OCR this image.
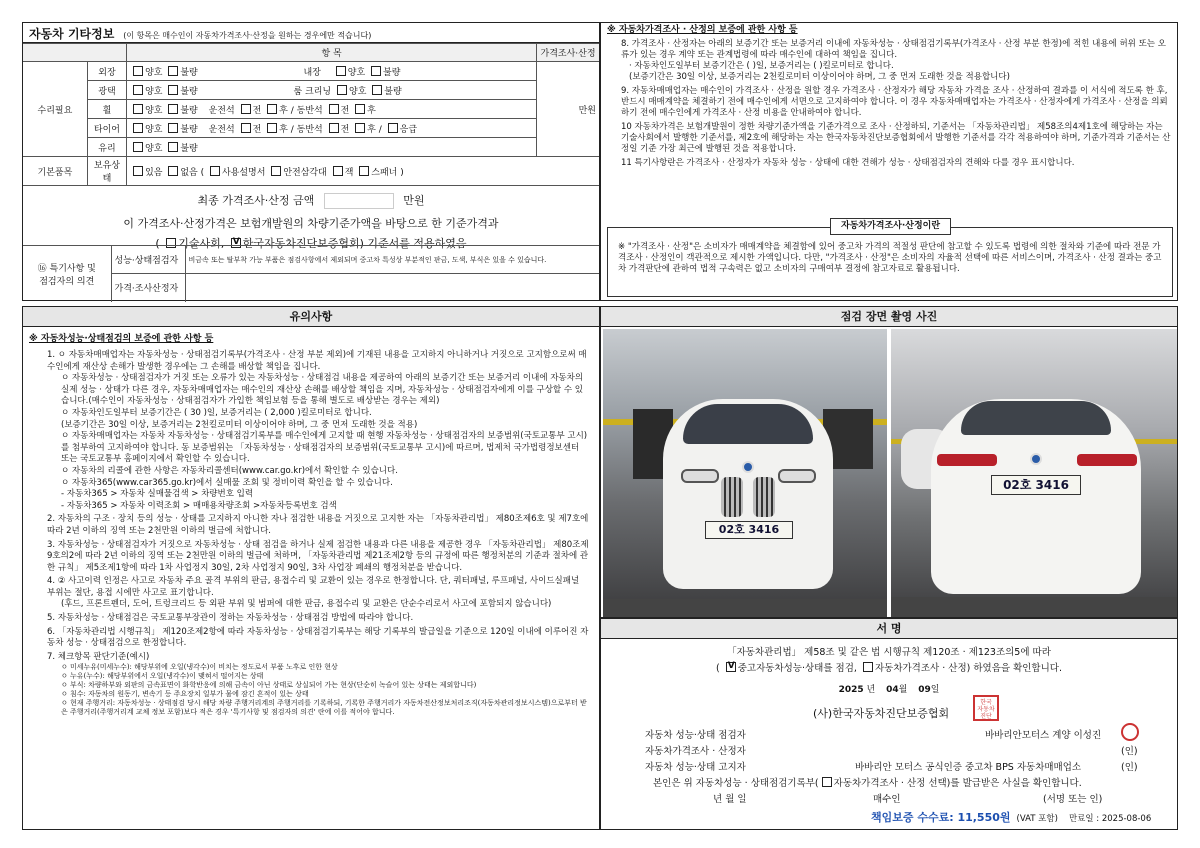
자동차 기타정보 (이 항목은 매수인이 자동차가격조사·산정을 원하는 경우에만 적습니다)
		항 목	가격조사·산정
수리필요	외장	양호 불량 내장 양호 불량	만원
	광택	양호 불량 룸 크리닝 양호 불량	
	휠	양호 불량 운전석 전 후 / 동반석 전 후	
	타이어	양호 불량 운전석 전 후 / 동반석 전 후 / 응급	
	유리	양호 불량	
기본품목	보유상태	있음 없음 ( 사용설명서 안전삼각대 잭 스패너 )	
최종 가격조사·산정 금액	만원
이 가격조사·산정가격은 보험개발원의 차량기준가액을 바탕으로 한 기준가격과
( 기술사회, V한국자동차진단보증협회) 기준서를 적용하였음
⑯ 특기사항 및
점검자의 의견	성능·상태점검자	비금속 또는 탈부착 가능 부품은 점검사항에서 제외되며 중고차 특성상 부분적인 판금, 도색, 부식은 있을 수 있습니다.
	가격·조사산정자	
※ 자동차가격조사 · 산정의 보증에 관한 사항 등

8. 가격조사 · 산정자는 아래의 보증기간 또는 보증거리 이내에 자동차성능 · 상태점검기록부(가격조사 · 산정 부분 한정)에 적힌 내용에 허위 또는 오류가 있는 경우 계약 또는 관계법령에 따라 매수인에 대하여 책임을 집니다.

· 자동차인도일부터 보증기간은 ( )일, 보증거리는 ( )킬로미터로 합니다.

(보증기간은 30일 이상, 보증거리는 2천킬로미터 이상이어야 하며, 그 중 먼저 도래한 것을 적용합니다)

9. 자동차매매업자는 매수인이 가격조사 · 산정을 원할 경우 가격조사 · 산정자가 해당 자동차 가격을 조사 · 산정하여 결과를 이 서식에 적도록 한 후, 반드시 매매계약을 체결하기 전에 매수인에게 서면으로 고지하여야 합니다. 이 경우 자동차매매업자는 가격조사 · 산정자에게 가격조사 · 산정을 의뢰하기 전에 매수인에게 가격조사 · 산정 비용을 안내하여야 합니다.

10 자동차가격은 보험개발원이 정한 차량기준가액을 기준가격으로 조사 · 산정하되, 기준서는 「자동차관리법」 제58조의4제1호에 해당하는 자는 기술사회에서 발행한 기준서를, 제2호에 해당하는 자는 한국자동차진단보증협회에서 발행한 기준서를 각각 적용하여야 하며, 기준가격과 기준서는 산정일 기준 가장 최근에 발행된 것을 적용합니다.

11 특기사항란은 가격조사 · 산정자가 자동차 성능 · 상태에 대한 견해가 성능 · 상태점검자의 견해와 다를 경우 표시합니다.

자동차가격조사·산정이란

※ "가격조사 · 산정"은 소비자가 매매계약을 체결함에 있어 중고차 가격의 적절성 판단에 참고할 수 있도록 법령에 의한 절차와 기준에 따라 전문 가격조사 · 산정인이 객관적으로 제시한 가액입니다. 다만, "가격조사 · 산정"은 소비자의 자율적 선택에 따른 서비스이며, 가격조사 · 산정 결과는 중고차 가격판단에 관하여 법적 구속력은 없고 소비자의 구매여부 결정에 참고자료로 활용됩니다.

유의사항
※ 자동차성능·상태점검의 보증에 관한 사항 등

1. ㅇ 자동차매매업자는 자동차성능 · 상태점검기록부(가격조사 · 산정 부분 제외)에 기재된 내용을 고지하지 아니하거나 거짓으로 고지함으로써 매수인에게 재산상 손해가 발생한 경우에는 그 손해를 배상할 책임을 집니다.

ㅇ 자동차성능 · 상태점검자가 거짓 또는 오류가 있는 자동차성능 · 상태점검 내용을 제공하여 아래의 보증기간 또는 보증거리 이내에 자동차의 실제 성능 · 상태가 다른 경우, 자동차매매업자는 매수인의 재산상 손해를 배상할 책임을 지며, 자동차성능 · 상태점검자에게 이를 구상할 수 있습니다.(매수인이 자동차성능 · 상태점검자가 가입한 책임보험 등을 통해 별도로 배상받는 경우는 제외)

ㅇ 자동차인도일부터 보증기간은 ( 30 )일, 보증거리는 ( 2,000 )킬로미터로 합니다.

(보증기간은 30일 이상, 보증거리는 2천킬로미터 이상이어야 하며, 그 중 먼저 도래한 것을 적용)

ㅇ 자동차매매업자는 자동차 자동차성능 · 상태점검기록부를 매수인에게 고지할 때 현행 자동차성능 · 상태점검자의 보증범위(국토교통부 고시)를 첨부하여 고지하여야 합니다. 동 보증범위는 「자동차성능 · 상태점검자의 보증범위(국토교통부 고시)에 따르며, 법제처 국가법령정보센터 또는 국토교통부 홈페이지에서 확인할 수 있습니다.

ㅇ 자동차의 리콜에 관한 사항은 자동차리콜센터(www.car.go.kr)에서 확인할 수 있습니다.

ㅇ 자동차365(www.car365.go.kr)에서 실매물 조회 및 정비이력 확인을 할 수 있습니다.

- 자동차365 > 자동차 실매물검색 > 차량번호 입력

- 자동차365 > 자동차 이력조회 > 매매용차량조회 >자동차등록번호 검색

2. 자동차의 구조 · 장치 등의 성능 · 상태를 고지하지 아니한 자나 점검한 내용을 거짓으로 고지한 자는 「자동차관리법」 제80조제6호 및 제7호에 따라 2년 이하의 징역 또는 2천만원 이하의 벌금에 처합니다.

3. 자동차성능 · 상태점검자가 거짓으로 자동차성능 · 상태 점검을 하거나 실제 점검한 내용과 다른 내용을 제공한 경우 「자동차관리법」 제80조제9호의2에 따라 2년 이하의 징역 또는 2천만원 이하의 벌금에 처하며, 「자동차관리법 제21조제2항 등의 규정에 따른 행정처분의 기준과 절차에 관한 규칙」 제5조제1항에 따라 1차 사업정지 30일, 2차 사업정지 90일, 3차 사업장 폐쇄의 행정처분을 받습니다.

4. ② 사고이력 인정은 사고로 자동차 주요 골격 부위의 판금, 용접수리 및 교환이 있는 경우로 한정합니다. 단, 쿼터패널, 루프패널, 사이드실패널 부위는 절단, 용접 시에만 사고로 표기합니다.

(후드, 프론트펜더, 도어, 트렁크리드 등 외판 부위 및 범퍼에 대한 판금, 용접수리 및 교환은 단순수리로서 사고에 포함되지 않습니다)

5. 자동차성능 · 상태점검은 국토교통부장관이 정하는 자동차성능 · 상태점검 방법에 따라야 합니다.

6. 「자동차관리법 시행규칙」 제120조제2항에 따라 자동차성능 · 상태점검기록부는 해당 기록부의 발급일을 기준으로 120일 이내에 이루어진 자동차 성능 · 상태점검으로 한정합니다.

7. 체크항목 판단기준(예시)

ㅇ 미세누유(미세누수): 해당부위에 오일(냉각수)이 비치는 정도로서 부품 노후로 인한 현상

ㅇ 누유(누수): 해당부위에서 오일(냉각수)이 맺혀서 떨어지는 상태

ㅇ 부식: 차량하부와 외판의 금속표면이 화학반응에 의해 금속이 아닌 상태로 상실되어 가는 현상(단순히 녹슬어 있는 상태는 제외합니다)

ㅇ 침수: 자동차의 원동기, 변속기 등 주요장치 일부가 물에 잠긴 흔적이 있는 상태

ㅇ 현재 주행거리: 자동차성능 · 상태점검 당시 해당 차량 주행거리계의 주행거리를 기록하되, 기록한 주행거리가 자동차전산정보처리조직(자동차관리정보시스템)으로부터 받은 주행거리(주행거리계 교체 정보 포함)보다 적은 경우 '특기사항 및 점검자의 의견' 란에 이를 적어야 합니다.

점검 장면 촬영 사진
02호 3416
02호 3416
서 명
「자동차관리법」 제58조 및 같은 법 시행규칙 제120조 · 제123조의5에 따라
( V중고자동차성능·상태를 점검, 자동차가격조사 · 산정) 하였음을 확인합니다.
2025 년 04월 09일
(사)한국자동차진단보증협회
한국
자동차
진단
자동차 성능·상태 점검자	바바리안모터스 계양 이성진
자동차가격조사 · 산정자	(인)
자동차 성능·상태 고지자	바바리안 모터스 공식인증 중고차 BPS 자동차매매업소	(인)
본인은 위 자동차성능 · 상태점검기록부( 자동차가격조사 · 산정 선택)를 발급받은 사실을 확인합니다.
년 월 일	매수인	(서명 또는 인)
책임보증 수수료: 11,550원 (VAT 포함) 만료일 : 2025-08-06
